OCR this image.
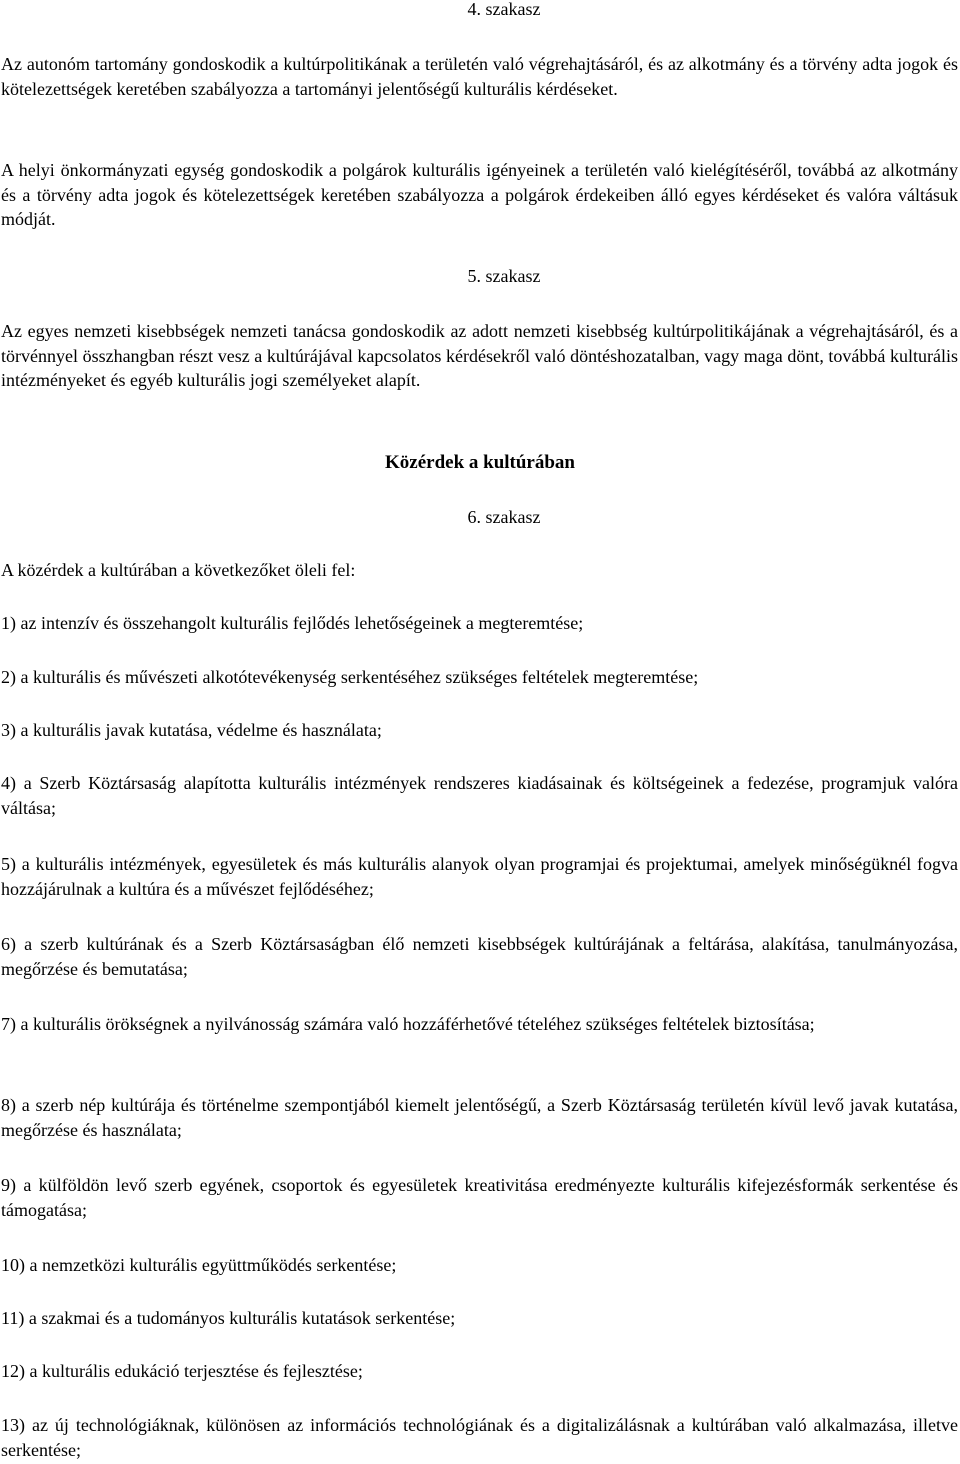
4. szakasz

Az autonóm tartomány gondoskodik a kultúrpolitikának a területén való végrehajtásáról, és az alkotmány és a törvény adta jogok és kötelezettségek keretében szabályozza a tartományi jelentőségű kulturális kérdéseket.

A helyi önkormányzati egység gondoskodik a polgárok kulturális igényeinek a területén való kielégítéséről, továbbá az alkotmány és a törvény adta jogok és kötelezettségek keretében szabályozza a polgárok érdekeiben álló egyes kérdéseket és valóra váltásuk módját.

5. szakasz

Az egyes nemzeti kisebbségek nemzeti tanácsa gondoskodik az adott nemzeti kisebbség kultúrpolitikájának a végrehajtásáról, és a törvénnyel összhangban részt vesz a kultúrájával kapcsolatos kérdésekről való döntéshozatalban, vagy maga dönt, továbbá kulturális intézményeket és egyéb kulturális jogi személyeket alapít.

Közérdek a kultúrában
6. szakasz

A közérdek a kultúrában a következőket öleli fel:

1) az intenzív és összehangolt kulturális fejlődés lehetőségeinek a megteremtése;

2) a kulturális és művészeti alkotótevékenység serkentéséhez szükséges feltételek megteremtése;

3) a kulturális javak kutatása, védelme és használata;

4) a Szerb Köztársaság alapította kulturális intézmények rendszeres kiadásainak és költségeinek a fedezése, programjuk valóra váltása;

5) a kulturális intézmények, egyesületek és más kulturális alanyok olyan programjai és projektumai, amelyek minőségüknél fogva hozzájárulnak a kultúra és a művészet fejlődéséhez;

6) a szerb kultúrának és a Szerb Köztársaságban élő nemzeti kisebbségek kultúrájának a feltárása, alakítása, tanulmányozása, megőrzése és bemutatása;

7) a kulturális örökségnek a nyilvánosság számára való hozzáférhetővé tételéhez szükséges feltételek biztosítása;

8) a szerb nép kultúrája és történelme szempontjából kiemelt jelentőségű, a Szerb Köztársaság területén kívül levő javak kutatása, megőrzése és használata;

9) a külföldön levő szerb egyének, csoportok és egyesületek kreativitása eredményezte kulturális kifejezésformák serkentése és támogatása;

10) a nemzetközi kulturális együttműködés serkentése;

11) a szakmai és a tudományos kulturális kutatások serkentése;

12) a kulturális edukáció terjesztése és fejlesztése;

13) az új technológiáknak, különösen az információs technológiának és a digitalizálásnak a kultúrában való alkalmazása, illetve serkentése;
